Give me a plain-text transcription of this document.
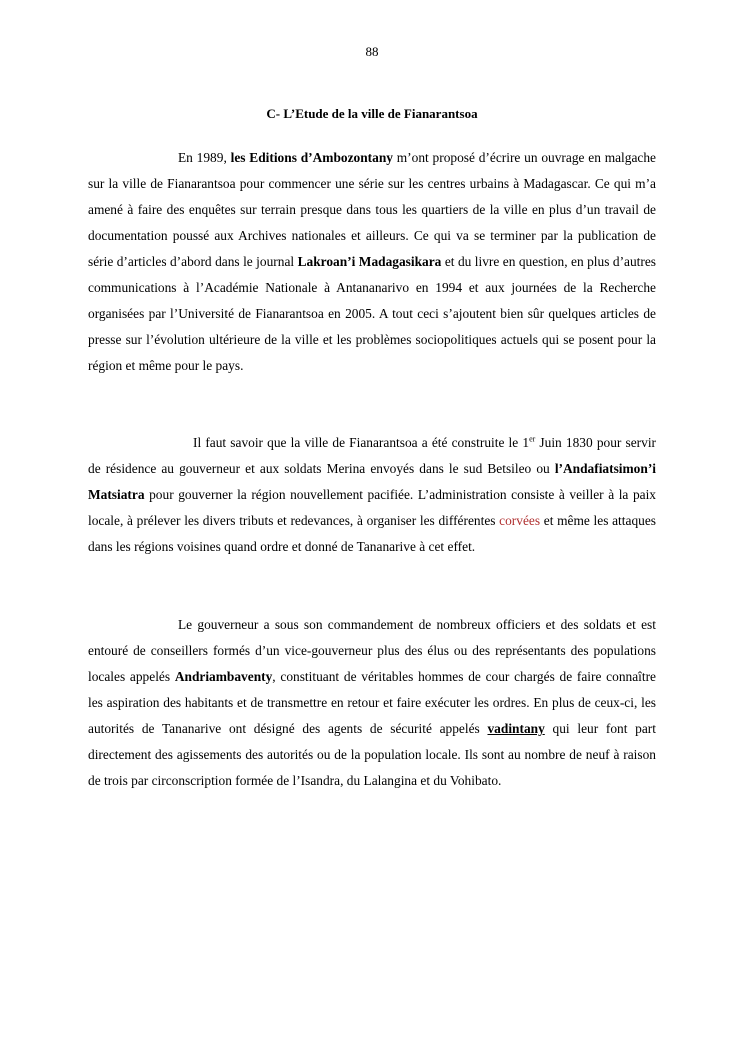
88
C- L’Etude de la ville de Fianarantsoa

En 1989, les Editions d’Ambozontany m’ont proposé d’écrire un ouvrage en malgache sur la ville de Fianarantsoa pour commencer une série sur les centres urbains à Madagascar. Ce qui m’a amené à faire des enquêtes sur terrain presque dans tous les quartiers de la ville en plus d’un travail de documentation poussé aux Archives nationales et ailleurs. Ce qui va se terminer par la publication de série d’articles d’abord dans le journal Lakroan’i Madagasikara et du livre en question, en plus d’autres communications à l’Académie Nationale à Antananarivo en 1994 et aux journées de la Recherche organisées par l’Université de Fianarantsoa en 2005. A tout ceci s’ajoutent bien sûr quelques articles de presse sur l’évolution ultérieure de la ville et les problèmes sociopolitiques actuels qui se posent pour la région et même pour le pays.

Il faut savoir que la ville de Fianarantsoa a été construite le 1er Juin 1830 pour servir de résidence au gouverneur et aux soldats Merina envoyés dans le sud Betsileo ou l’Andafiatsimon’i Matsiatra pour gouverner la région nouvellement pacifiée. L’administration consiste à veiller à la paix locale, à prélever les divers tributs et redevances, à organiser les différentes corvées et même les attaques dans les régions voisines quand ordre et donné de Tananarive à cet effet.

Le gouverneur a sous son commandement de nombreux officiers et des soldats et est entouré de conseillers formés d’un vice-gouverneur plus des élus ou des représentants des populations locales appelés Andriambaventy, constituant de véritables hommes de cour chargés de faire connaître les aspiration des habitants et de transmettre en retour et faire exécuter les ordres. En plus de ceux-ci, les autorités de Tananarive ont désigné des agents de sécurité appelés vadintany qui leur font part directement des agissements des autorités ou de la population locale. Ils sont au nombre de neuf à raison de trois par circonscription formée de l’Isandra, du Lalangina et du Vohibato.
